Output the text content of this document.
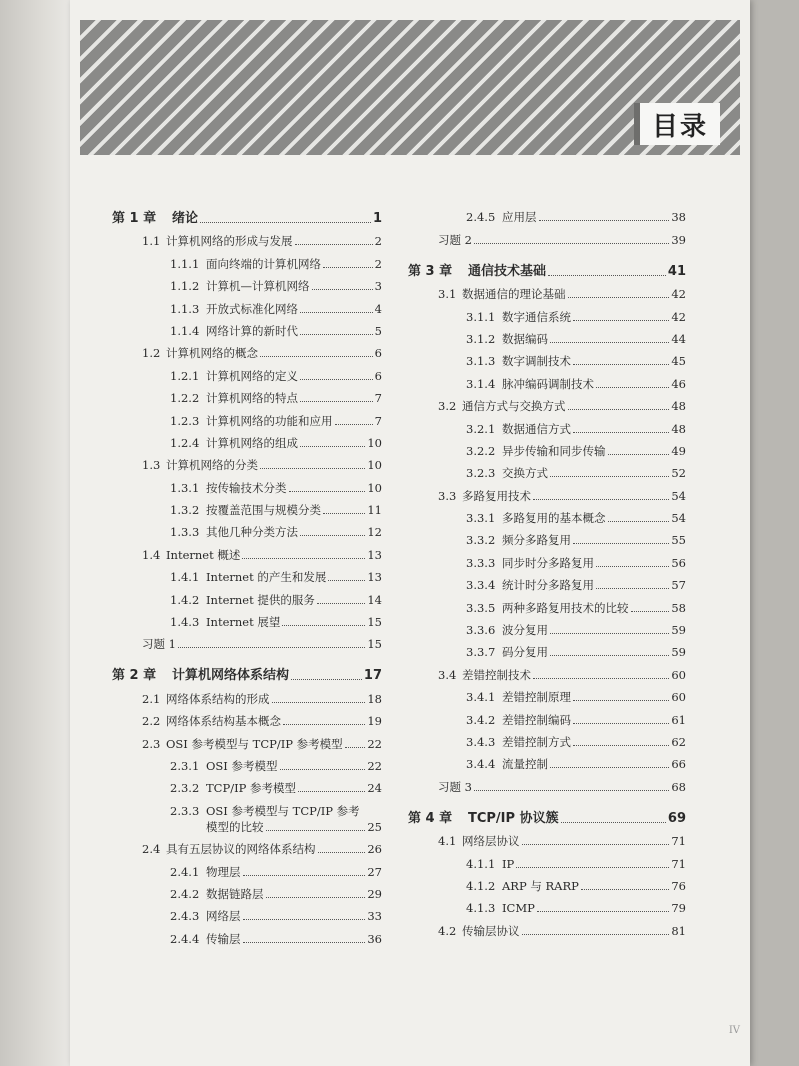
目录
第 1 章	绪论	1
1.1 计算机网络的形成与发展	2
1.1.1 面向终端的计算机网络	2
1.1.2 计算机—计算机网络	3
1.1.3 开放式标准化网络	4
1.1.4 网络计算的新时代	5
1.2 计算机网络的概念	6
1.2.1 计算机网络的定义	6
1.2.2 计算机网络的特点	7
1.2.3 计算机网络的功能和应用	7
1.2.4 计算机网络的组成	10
1.3 计算机网络的分类	10
1.3.1 按传输技术分类	10
1.3.2 按覆盖范围与规模分类	11
1.3.3 其他几种分类方法	12
1.4 Internet 概述	13
1.4.1 Internet 的产生和发展	13
1.4.2 Internet 提供的服务	14
1.4.3 Internet 展望	15
习题 1	15
第 2 章	计算机网络体系结构	17
2.1 网络体系结构的形成	18
2.2 网络体系结构基本概念	19
2.3 OSI 参考模型与 TCP/IP 参考模型 22
2.3.1 OSI 参考模型	22
2.3.2 TCP/IP 参考模型	24
2.3.3 OSI 参考模型与 TCP/IP 参考
模型的比较	25
2.4 具有五层协议的网络体系结构	26
2.4.1 物理层	27
2.4.2 数据链路层	29
2.4.3 网络层	33
2.4.4 传输层	36
2.4.5 应用层	38
习题 2	39
第 3 章	通信技术基础	41
3.1 数据通信的理论基础	42
3.1.1 数字通信系统	42
3.1.2 数据编码	44
3.1.3 数字调制技术	45
3.1.4 脉冲编码调制技术	46
3.2 通信方式与交换方式	48
3.2.1 数据通信方式	48
3.2.2 异步传输和同步传输	49
3.2.3 交换方式	52
3.3 多路复用技术	54
3.3.1 多路复用的基本概念	54
3.3.2 频分多路复用	55
3.3.3 同步时分多路复用	56
3.3.4 统计时分多路复用	57
3.3.5 两种多路复用技术的比较	58
3.3.6 波分复用	59
3.3.7 码分复用	59
3.4 差错控制技术	60
3.4.1 差错控制原理	60
3.4.2 差错控制编码	61
3.4.3 差错控制方式	62
3.4.4 流量控制	66
习题 3	68
第 4 章	TCP/IP 协议簇	69
4.1 网络层协议	71
4.1.1 IP	71
4.1.2 ARP 与 RARP	76
4.1.3 ICMP	79
4.2 传输层协议	81
IV
